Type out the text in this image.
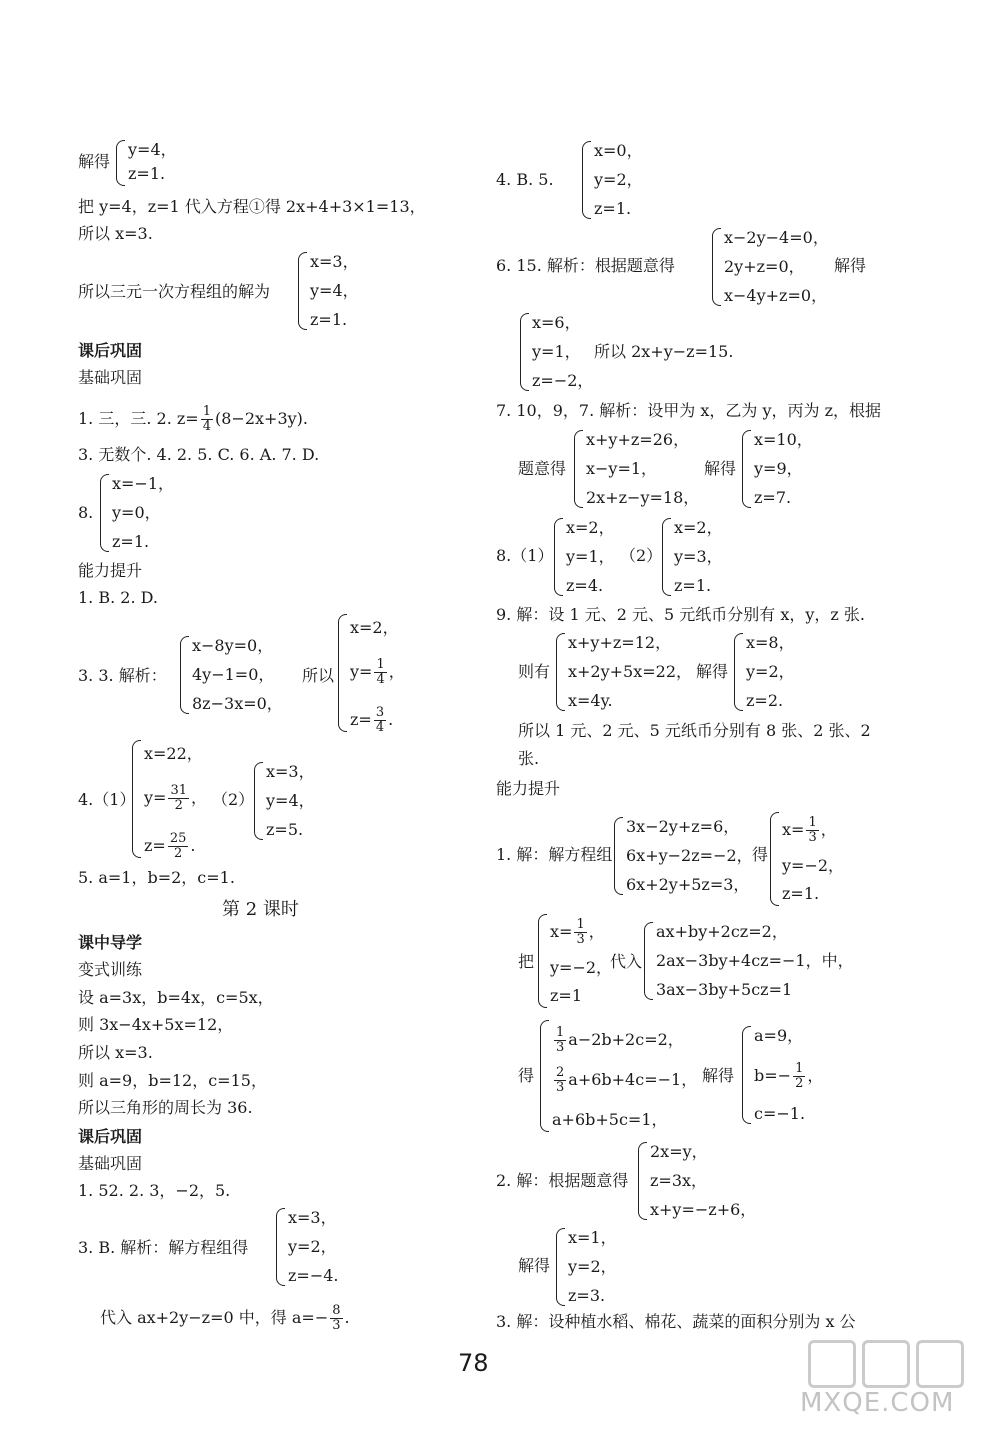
解得
y=4，
z=1.
把 y=4，z=1 代入方程①得 2x+4+3×1=13，
所以 x=3.
所以三元一次方程组的解为
x=3，
y=4，
z=1.
课后巩固
基础巩固
1. 三，三. 2. $z= \frac{1}{4} (8-2x+3y)$.
3. 无数个. 4. 2. 5. C. 6. A. 7. D.
8.
x=−1，
y=0，
z=1.
能力提升
1. B. 2. D.
3. 3. 解析：
x−8y=0，
4y−1=0，
8z−3x=0，
所以
x=2，
$y= \frac{1}{4}$ ，
$z= \frac{3}{4}$ .
4.（1）
x=22，
$y= \frac{31}{2}$ ，
$z= \frac{25}{2}$ .
（2）
x=3，
y=4，
z=5.
5. a=1，b=2，c=1.
第 2 课时
课中导学
变式训练
设 a=3x，b=4x，c=5x，
则 3x−4x+5x=12，
所以 x=3.
则 a=9，b=12，c=15，
所以三角形的周长为 36.
课后巩固
基础巩固
1. 52. 2. 3，−2，5.
3. B. 解析：解方程组得
x=3，
y=2，
z=−4.
代入 ax+2y−z=0 中，得 $a=- \frac{8}{3}$ .
4. B. 5.
x=0，
y=2，
z=1.
6. 15. 解析：根据题意得
x−2y−4=0，
2y+z=0，
x−4y+z=0，
解得
x=6，
y=1，
z=−2，
所以 2x+y−z=15.
7. 10，9，7. 解析：设甲为 x，乙为 y，丙为 z，根据
题意得
x+y+z=26，
x−y=1，
2x+z−y=18，
解得
x=10，
y=9，
z=7.
8.（1）
x=2，
y=1，
z=4.
（2）
x=2，
y=3，
z=1.
9. 解：设 1 元、2 元、5 元纸币分别有 x，y，z 张.
则有
x+y+z=12，
x+2y+5x=22，
x=4y.
解得
x=8，
y=2，
z=2.
所以 1 元、2 元、5 元纸币分别有 8 张、2 张、2
张.
能力提升
1. 解：解方程组
3x−2y+z=6，
6x+y−2z=−2，
6x+2y+5z=3，
得
$x= \frac{1}{3}$ ，
y=−2，
z=1.
把
$x= \frac{1}{3}$ ，
y=−2，
z=1
代入
ax+by+2cz=2，
2ax−3by+4cz=−1，中，
3ax−3by+5cz=1
得
$\frac{1}{3} a-2b+2c=2$，
$\frac{2}{3} a+6b+4c=-1$，
a+6b+5c=1，
解得
a=9，
$b=- \frac{1}{2}$ ，
c=−1.
2. 解：根据题意得
2x=y，
z=3x，
x+y=−z+6，
解得
x=1，
y=2，
z=3.
3. 解：设种植水稻、棉花、蔬菜的面积分别为 x 公
78
MXQE.COM
